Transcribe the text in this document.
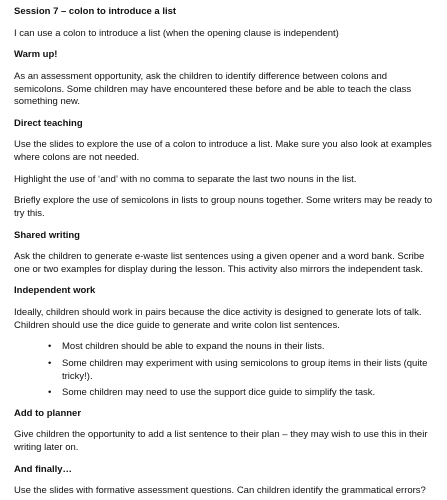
Session 7 – colon to introduce a list
I can use a colon to introduce a list (when the opening clause is independent)
Warm up!
As an assessment opportunity, ask the children to identify difference between colons and semicolons. Some children may have encountered these before and be able to teach the class something new.
Direct teaching
Use the slides to explore the use of a colon to introduce a list. Make sure you also look at examples where colons are not needed.
Highlight the use of ‘and’ with no comma to separate the last two nouns in the list.
Briefly explore the use of semicolons in lists to group nouns together. Some writers may be ready to try this.
Shared writing
Ask the children to generate e-waste list sentences using a given opener and a word bank. Scribe one or two examples for display during the lesson. This activity also mirrors the independent task.
Independent work
Ideally, children should work in pairs because the dice activity is designed to generate lots of talk. Children should use the dice guide to generate and write colon list sentences.
• Most children should be able to expand the nouns in their lists.
• Some children may experiment with using semicolons to group items in their lists (quite tricky!).
• Some children may need to use the support dice guide to simplify the task.
Add to planner
Give children the opportunity to add a list sentence to their plan – they may wish to use this in their writing later on.
And finally…
Use the slides with formative assessment questions. Can children identify the grammatical errors?
